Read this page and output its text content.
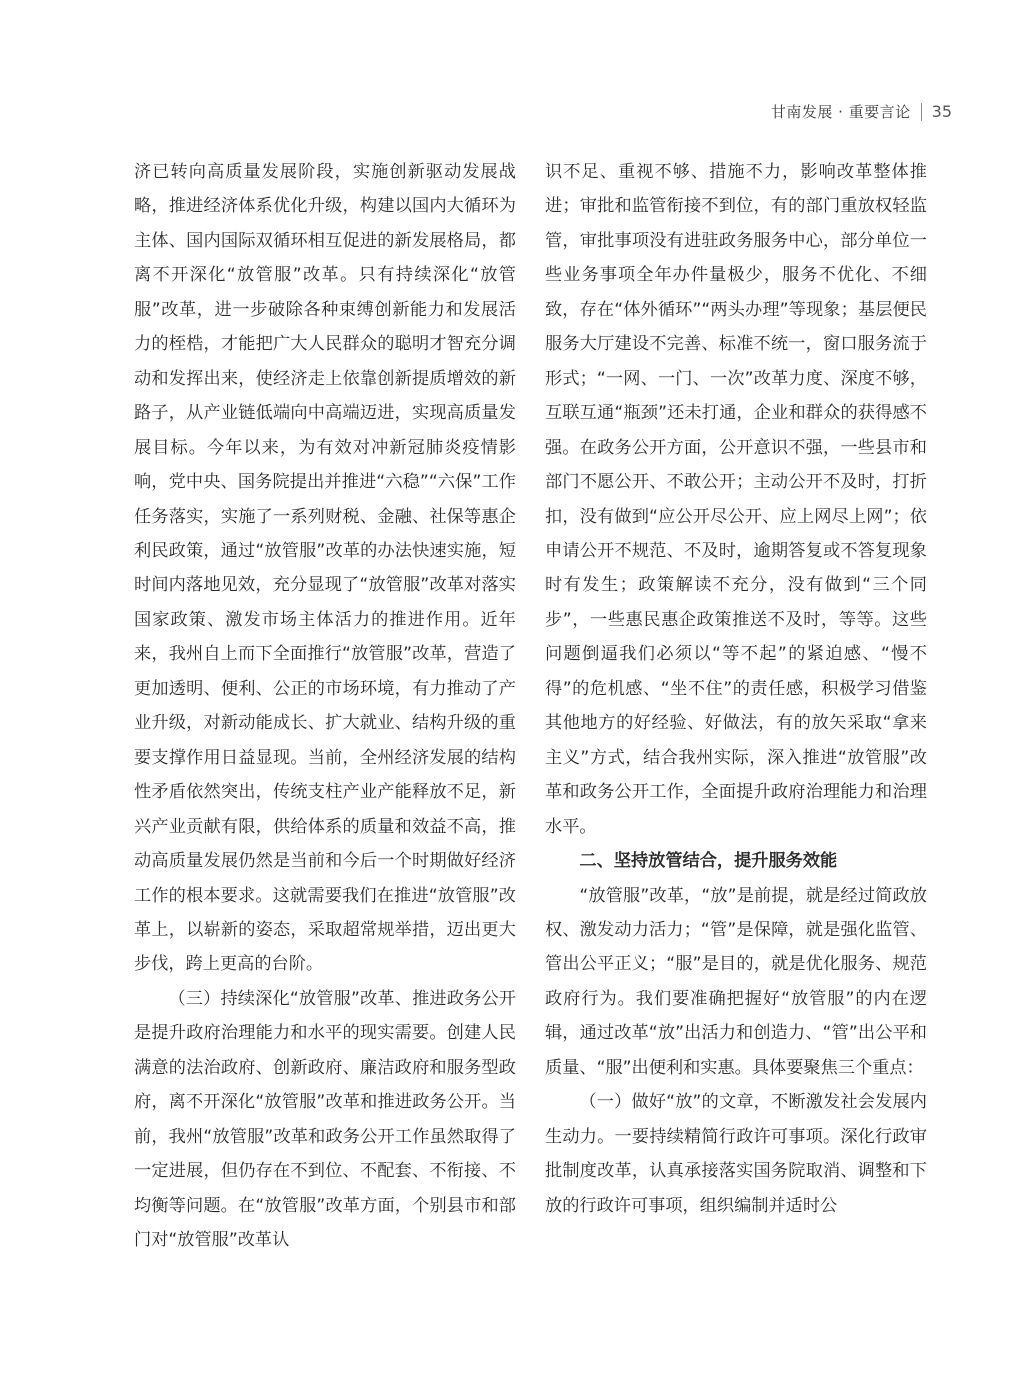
甘南发展 · 重要言论 35

济已转向高质量发展阶段，实施创新驱动发展战略，推进经济体系优化升级，构建以国内大循环为主体、国内国际双循环相互促进的新发展格局，都离不开深化“放管服”改革。只有持续深化“放管服”改革，进一步破除各种束缚创新能力和发展活力的桎梏，才能把广大人民群众的聪明才智充分调动和发挥出来，使经济走上依靠创新提质增效的新路子，从产业链低端向中高端迈进，实现高质量发展目标。今年以来，为有效对冲新冠肺炎疫情影响，党中央、国务院提出并推进“六稳”“六保”工作任务落实，实施了一系列财税、金融、社保等惠企利民政策，通过“放管服”改革的办法快速实施，短时间内落地见效，充分显现了“放管服”改革对落实国家政策、激发市场主体活力的推进作用。近年来，我州自上而下全面推行“放管服”改革，营造了更加透明、便利、公正的市场环境，有力推动了产业升级，对新动能成长、扩大就业、结构升级的重要支撑作用日益显现。当前，全州经济发展的结构性矛盾依然突出，传统支柱产业产能释放不足，新兴产业贡献有限，供给体系的质量和效益不高，推动高质量发展仍然是当前和今后一个时期做好经济工作的根本要求。这就需要我们在推进“放管服”改革上，以崭新的姿态，采取超常规举措，迈出更大步伐，跨上更高的台阶。

（三）持续深化“放管服”改革、推进政务公开是提升政府治理能力和水平的现实需要。创建人民满意的法治政府、创新政府、廉洁政府和服务型政府，离不开深化“放管服”改革和推进政务公开。当前，我州“放管服”改革和政务公开工作虽然取得了一定进展，但仍存在不到位、不配套、不衔接、不均衡等问题。在“放管服”改革方面，个别县市和部门对“放管服”改革认

识不足、重视不够、措施不力，影响改革整体推进；审批和监管衔接不到位，有的部门重放权轻监管，审批事项没有进驻政务服务中心，部分单位一些业务事项全年办件量极少，服务不优化、不细致，存在“体外循环”“两头办理”等现象；基层便民服务大厅建设不完善、标准不统一，窗口服务流于形式；“一网、一门、一次”改革力度、深度不够，互联互通“瓶颈”还未打通，企业和群众的获得感不强。在政务公开方面，公开意识不强，一些县市和部门不愿公开、不敢公开；主动公开不及时，打折扣，没有做到“应公开尽公开、应上网尽上网”；依申请公开不规范、不及时，逾期答复或不答复现象时有发生；政策解读不充分，没有做到“三个同步”，一些惠民惠企政策推送不及时，等等。这些问题倒逼我们必须以“等不起”的紧迫感、“慢不得”的危机感、“坐不住”的责任感，积极学习借鉴其他地方的好经验、好做法，有的放矢采取“拿来主义”方式，结合我州实际，深入推进“放管服”改革和政务公开工作，全面提升政府治理能力和治理水平。

二、坚持放管结合，提升服务效能

“放管服”改革，“放”是前提，就是经过简政放权、激发动力活力；“管”是保障，就是强化监管、管出公平正义；“服”是目的，就是优化服务、规范政府行为。我们要准确把握好“放管服”的内在逻辑，通过改革“放”出活力和创造力、“管”出公平和质量、“服”出便利和实惠。具体要聚焦三个重点：

（一）做好“放”的文章，不断激发社会发展内生动力。一要持续精简行政许可事项。深化行政审批制度改革，认真承接落实国务院取消、调整和下放的行政许可事项，组织编制并适时公
